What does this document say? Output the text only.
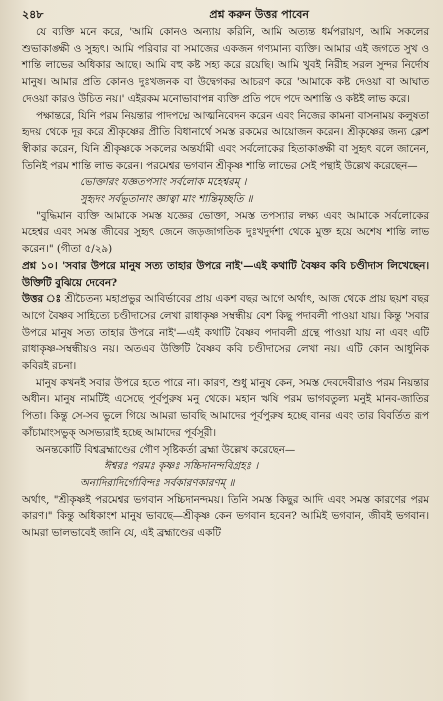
২৪৮	প্রশ্ন করুন উত্তর পাবেন

যে ব্যক্তি মনে করে, 'আমি কোনও অন্যায় করিনি, আমি অত্যন্ত ধর্মপরায়ণ, আমি সকলের শুভাকাঙ্ক্ষী ও সুহৃৎ। আমি পরিবার বা সমাজের একজন গণ্যমান্য ব্যক্তি। আমার এই জগতে সুখ ও শান্তি লাভের অধিকার আছে। আমি বহু কষ্ট সহ্য করে রয়েছি। আমি খুবই নিরীহ সরল সুন্দর নির্দোষ মানুষ। আমার প্রতি কোনও দুঃখজনক বা উদ্বেগকর আচরণ করে 'আমাকে কষ্ট দেওয়া বা আঘাত দেওয়া কারও উচিত নয়।' এইরকম মনোভাবাপন্ন ব্যক্তি প্রতি পদে পদে অশান্তি ও কষ্টই লাভ করে।

পক্ষান্তরে, যিনি পরম নিয়ন্তার পাদপদ্মে আত্মনিবেদন করেন এবং নিজের কামনা বাসনাময় কলুষতা হৃদয় থেকে দূর করে শ্রীকৃষ্ণের প্রীতি বিধানার্থে সমস্ত রকমের আয়োজন করেন। শ্রীকৃষ্ণের জন্য ক্লেশ স্বীকার করেন, যিনি শ্রীকৃষ্ণকে সকলের অন্তর্যামী এবং সর্বলোকের হিতাকাঙ্ক্ষী বা সুহৃৎ বলে জানেন, তিনিই পরম শান্তি লাভ করেন। পরমেশ্বর ভগবান শ্রীকৃষ্ণ শান্তি লাভের সেই পন্থাই উল্লেখ করেছেন—

ভোক্তারং যজ্ঞতপসাং সর্বলোক মহেশ্বরম্ ।

সুহৃদং সর্বভূতানাং জ্ঞাত্বা মাং শান্তিমৃচ্ছতি ॥

"বুদ্ধিমান ব্যক্তি আমাকে সমস্ত যজ্ঞের ভোক্তা, সমস্ত তপস্যার লক্ষ্য এবং আমাকে সর্বলোকের মহেশ্বর এবং সমস্ত জীবের সুহৃৎ জেনে জড়জাগতিক দুঃখদুর্দশা থেকে মুক্ত হয়ে অশেষ শান্তি লাভ করেন।" (গীতা ৫/২৯)

প্রশ্ন ১০। 'সবার উপরে মানুষ সত্য তাহার উপরে নাই'—এই কথাটি বৈষ্ণব কবি চণ্ডীদাস লিখেছেন। উক্তিটি বুঝিয়ে দেবেন?

উত্তর ঃ শ্রীচৈতন্য মহাপ্রভুর আবির্ভাবের প্রায় একশ বছর আগে অর্থাৎ, আজ থেকে প্রায় ছয়শ বছর আগে বৈষ্ণব সাহিত্যে চণ্ডীদাসের লেখা রাধাকৃষ্ণ সম্বন্ধীয় বেশ কিছু পদাবলী পাওয়া যায়। কিন্তু 'সবার উপরে মানুষ সত্য তাহার উপরে নাই'—এই কথাটি বৈষ্ণব পদাবলী গ্রন্থে পাওয়া যায় না এবং এটি রাধাকৃষ্ণ-সম্বন্ধীয়ও নয়। অতএব উক্তিটি বৈষ্ণব কবি চণ্ডীদাসের লেখা নয়। এটি কোন আধুনিক কবিরই রচনা।

মানুষ কখনই সবার উপরে হতে পারে না। কারণ, শুধু মানুষ কেন, সমস্ত দেবদেবীরাও পরম নিয়ন্তার অধীন। মানুষ নামটিই এসেছে পূর্বপুরুষ মনু থেকে। মহান ঋষি পরম ভাগবতুল্য মনুই মানব-জাতির পিতা। কিন্তু সে-সব ভুলে গিয়ে আমরা ভাবছি আমাদের পূর্বপুরুষ হচ্ছে বানর এবং তার বিবর্তিত রূপ কাঁচামাংসভুক্ অসভ্যরাই হচ্ছে আমাদের পূর্বসূরী।

অনন্তকোটি বিশ্বব্রহ্মাণ্ডের গৌণ সৃষ্টিকর্তা ব্রহ্মা উল্লেখ করেছেন—

ঈশ্বরঃ পরমঃ কৃষ্ণঃ সচ্চিদানন্দবিগ্রহঃ ।

অনাদিরাদির্গোবিন্দঃ সর্বকারণকারণম্ ॥

অর্থাৎ, "শ্রীকৃষ্ণই পরমেশ্বর ভগবান সচ্চিদানন্দময়। তিনি সমস্ত কিছুর আদি এবং সমস্ত কারণের পরম কারণ।" কিন্তু অধিকাংশ মানুষ ভাবছে—শ্রীকৃষ্ণ কেন ভগবান হবেন? আমিই ভগবান, জীবই ভগবান। আমরা ভালভাবেই জানি যে, এই ব্রহ্মাণ্ডের একটি
